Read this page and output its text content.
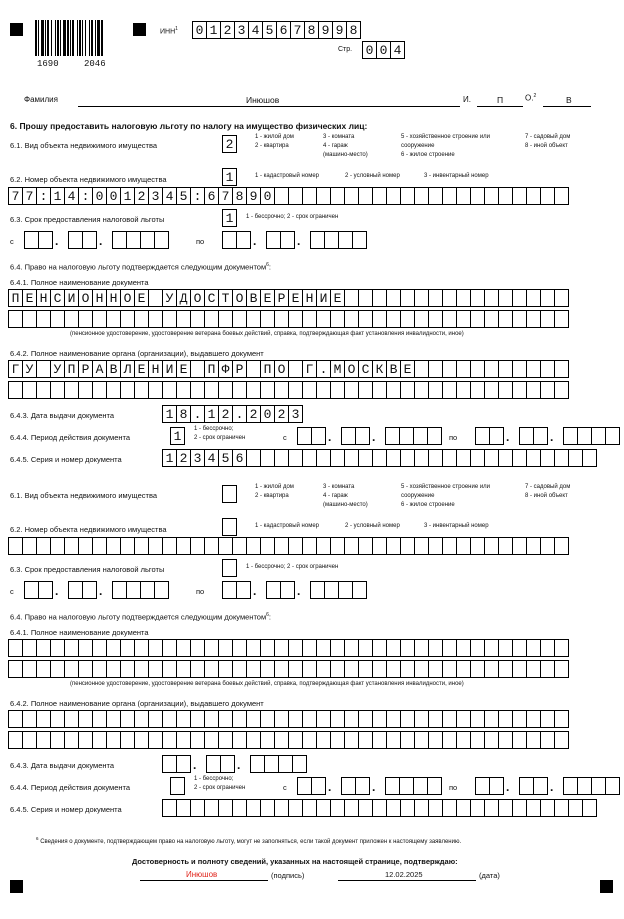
1690	2046
ИНН$^1$ 0 1 2 3 4 5 6 7 8 9 9 8
Стр. 0 0 4
Фамилия	Инюшов	И.	П	О.$^2$	В
6. Прошу предоставить налоговую льготу по налогу на имущество физических лиц:
6.1. Вид объекта недвижимого имущества	2	1 - жилой дом
2 - квартира
3 - комната
4 - гараж
(машино-место)
5 - хозяйственное строение или
сооружение
6 - жилое строение
7 - садовый дом
8 - иной объект
6.2. Номер объекта недвижимого имущества	1	1 - кадастровый номер	2 - условный номер	3 - инвентарный номер
7 7 : 1 4 : 0 0 1 2 3 4 5 : 6 7 8 9 0
6.3. Срок предоставления налоговой льготы	1	1 - бессрочно; 2 - срок ограничен
с	.	.	по	.	.
6.4. Право на налоговую льготу подтверждается следующим документом$^6$:
6.4.1. Полное наименование документа
П Е Н С И О Н Н О Е У Д О С Т О В Е Р Е Н И Е
(пенсионное удостоверение, удостоверение ветерана боевых действий, справка, подтверждающая факт установления инвалидности, иное)
6.4.2. Полное наименование органа (организации), выдавшего документ
Г У У П Р А В Л Е Н И Е П Ф Р П О Г . М О С К В Е
6.4.3. Дата выдачи документа	1 8 . 1 2 . 2 0 2 3
6.4.4. Период действия документа	1	1 - бессрочно;
2 - срок ограничен	с	.	.	по	.	.
6.4.5. Серия и номер документа	1 2 3 4 5 6
6.1. Вид объекта недвижимого имущества
1 - жилой дом
2 - квартира
3 - комната
4 - гараж
(машино-место)
5 - хозяйственное строение или
сооружение
6 - жилое строение
7 - садовый дом
8 - иной объект
6.2. Номер объекта недвижимого имущества	1 - кадастровый номер	2 - условный номер	3 - инвентарный номер
6.3. Срок предоставления налоговой льготы	1 - бессрочно; 2 - срок ограничен
с	.	.	по	.	.
6.4. Право на налоговую льготу подтверждается следующим документом$^6$:
6.4.1. Полное наименование документа
(пенсионное удостоверение, удостоверение ветерана боевых действий, справка, подтверждающая факт установления инвалидности, иное)
6.4.2. Полное наименование органа (организации), выдавшего документ
6.4.3. Дата выдачи документа	.	.
6.4.4. Период действия документа
1 - бессрочно;
2 - срок ограничен	с	.	.	по	.	.
6.4.5. Серия и номер документа
$^6$ Сведения о документе, подтверждающем право на налоговую льготу, могут не заполняться, если такой документ приложен к настоящему заявлению.
Достоверность и полноту сведений, указанных на настоящей странице, подтверждаю:
Инюшов	(подпись)	12.02.2025	(дата)
